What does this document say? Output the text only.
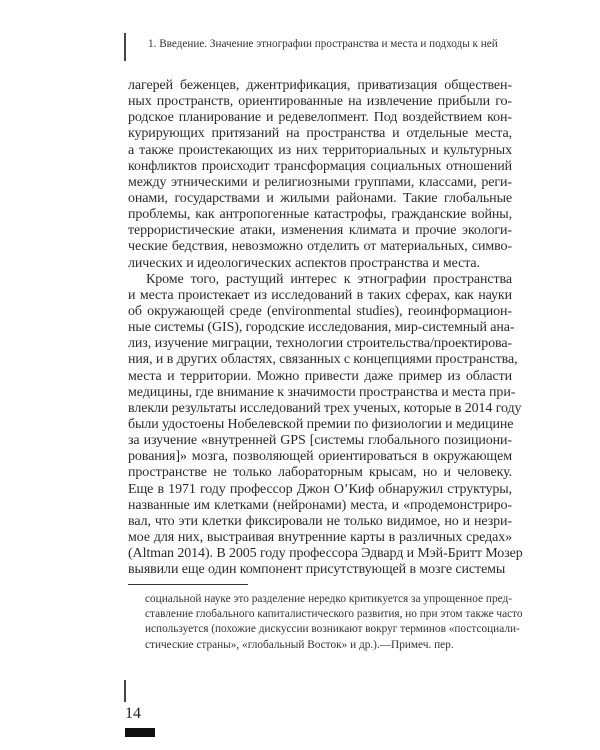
1. Введение. Значение этнографии пространства и места и подходы к ней
лагерей беженцев, джентрификация, приватизация обществен-
ных пространств, ориентированные на извлечение прибыли го-
родское планирование и редевелопмент. Под воздействием кон-
курирующих притязаний на пространства и отдельные места,
а также проистекающих из них территориальных и культурных
конфликтов происходит трансформация социальных отношений
между этническими и религиозными группами, классами, реги-
онами, государствами и жилыми районами. Такие глобальные
проблемы, как антропогенные катастрофы, гражданские войны,
террористические атаки, изменения климата и прочие экологи-
ческие бедствия, невозможно отделить от материальных, симво-
лических и идеологических аспектов пространства и места.
Кроме того, растущий интерес к этнографии пространства
и места проистекает из исследований в таких сферах, как науки
об окружающей среде (environmental studies), геоинформацион-
ные системы (GIS), городские исследования, мир-системный ана-
лиз, изучение миграции, технологии строительства/проектирова-
ния, и в других областях, связанных с концепциями пространства,
места и территории. Можно привести даже пример из области
медицины, где внимание к значимости пространства и места при-
влекли результаты исследований трех ученых, которые в 2014 году
были удостоены Нобелевской премии по физиологии и медицине
за изучение «внутренней GPS [системы глобального позициони-
рования]» мозга, позволяющей ориентироваться в окружающем
пространстве не только лабораторным крысам, но и человеку.
Еще в 1971 году профессор Джон О’Киф обнаружил структуры,
названные им клетками (нейронами) места, и «продемонстриро-
вал, что эти клетки фиксировали не только видимое, но и незри-
мое для них, выстраивая внутренние карты в различных средах»
(Altman 2014). В 2005 году профессора Эдвард и Мэй-Бритт Мозер
выявили еще один компонент присутствующей в мозге системы
социальной науке это разделение нередко критикуется за упрощенное пред-
ставление глобального капиталистического развития, но при этом также часто
используется (похожие дискуссии возникают вокруг терминов «постсоциали-
стические страны», «глобальный Восток» и др.).—Примеч. пер.
14
